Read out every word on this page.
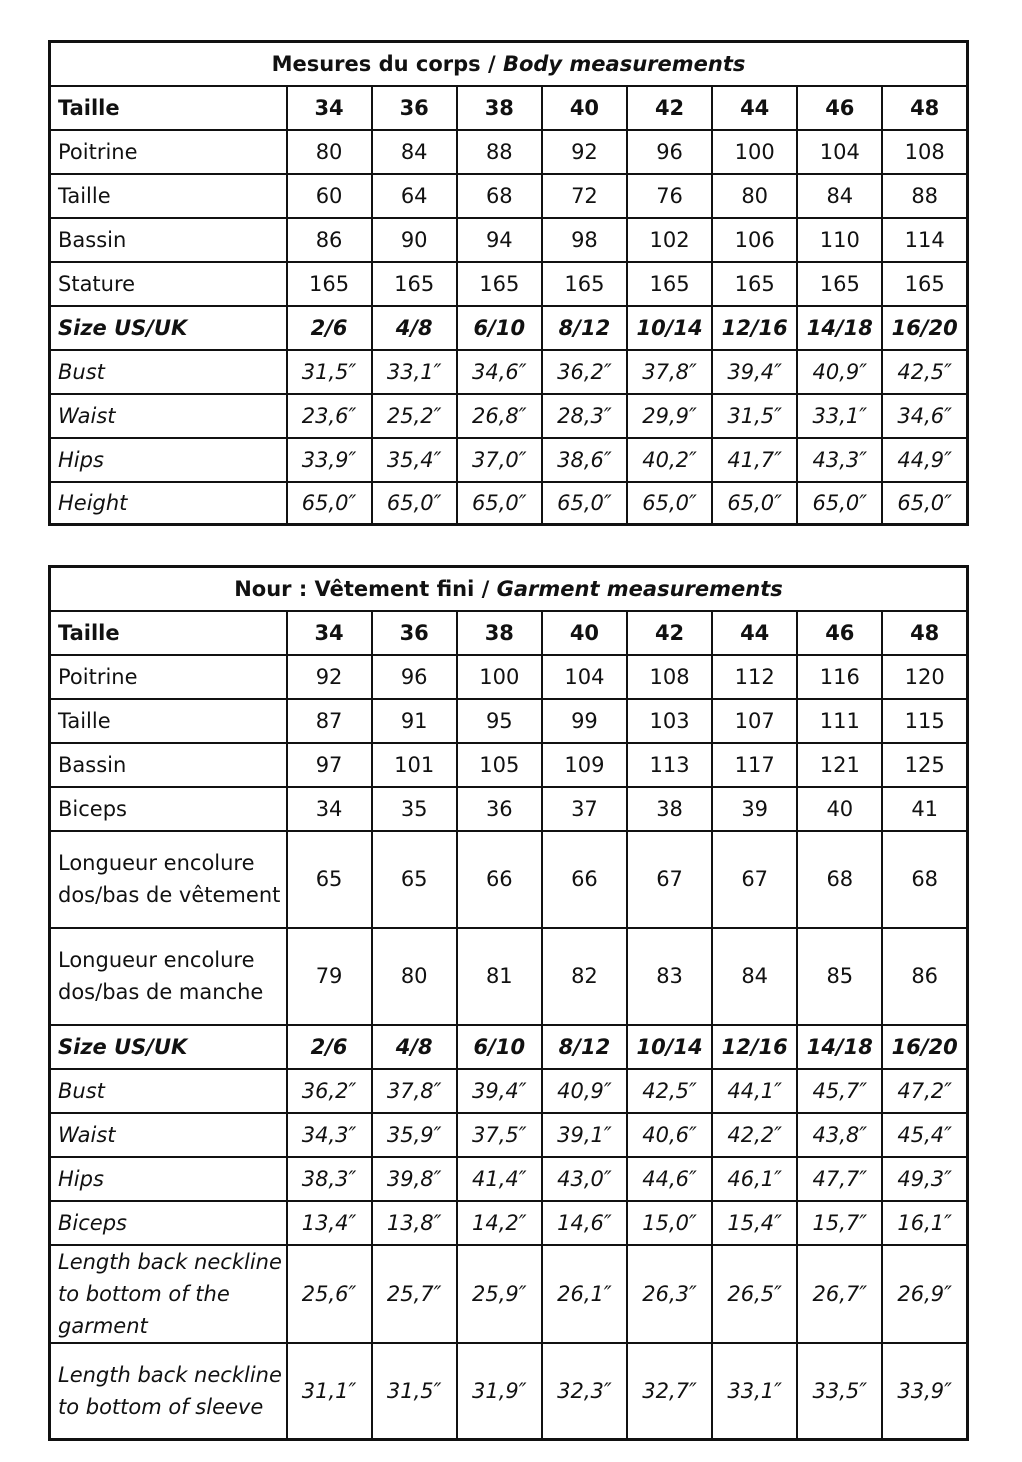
Mesures du corps / Body measurements								
Taille	34	36	38	40	42	44	46	48
Poitrine	80	84	88	92	96	100	104	108
Taille	60	64	68	72	76	80	84	88
Bassin	86	90	94	98	102	106	110	114
Stature	165	165	165	165	165	165	165	165
Size US/UK	2/6	4/8	6/10	8/12	10/14	12/16	14/18	16/20
Bust	31,5″	33,1″	34,6″	36,2″	37,8″	39,4″	40,9″	42,5″
Waist	23,6″	25,2″	26,8″	28,3″	29,9″	31,5″	33,1″	34,6″
Hips	33,9″	35,4″	37,0″	38,6″	40,2″	41,7″	43,3″	44,9″
Height	65,0″	65,0″	65,0″	65,0″	65,0″	65,0″	65,0″	65,0″
Nour : Vêtement fini / Garment measurements								
Taille	34	36	38	40	42	44	46	48
Poitrine	92	96	100	104	108	112	116	120
Taille	87	91	95	99	103	107	111	115
Bassin	97	101	105	109	113	117	121	125
Biceps	34	35	36	37	38	39	40	41
Longueur encolure dos/bas de vêtement	65	65	66	66	67	67	68	68
Longueur encolure dos/bas de manche	79	80	81	82	83	84	85	86
Size US/UK	2/6	4/8	6/10	8/12	10/14	12/16	14/18	16/20
Bust	36,2″	37,8″	39,4″	40,9″	42,5″	44,1″	45,7″	47,2″
Waist	34,3″	35,9″	37,5″	39,1″	40,6″	42,2″	43,8″	45,4″
Hips	38,3″	39,8″	41,4″	43,0″	44,6″	46,1″	47,7″	49,3″
Biceps	13,4″	13,8″	14,2″	14,6″	15,0″	15,4″	15,7″	16,1″
Length back neckline to bottom of the garment	25,6″	25,7″	25,9″	26,1″	26,3″	26,5″	26,7″	26,9″
Length back neckline to bottom of sleeve	31,1″	31,5″	31,9″	32,3″	32,7″	33,1″	33,5″	33,9″
